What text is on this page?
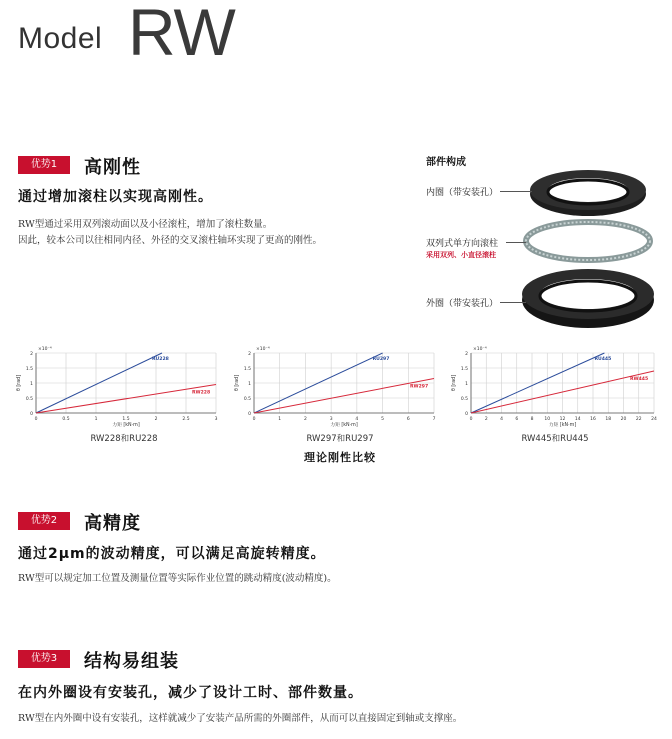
Model RW
优势1	高刚性
通过增加滚柱以实现高刚性。
RW型通过采用双列滚动面以及小径滚柱，增加了滚柱数量。
因此，较本公司以往相同内径、外径的交叉滚柱轴环实现了更高的刚性。
部件构成
内圈（带安装孔）
双列式单方向滚柱
采用双列、小直径滚柱
外圈（带安装孔）
0
0.5
1
1.5
2
0	0.5	1	1.5	2	2.5	3
×10⁻⁴
力矩 [kN·m]
θ [rad]
RU228
RW228
0
0.5
1
1.5
2
0	1	2	3	4	5	6	7
×10⁻⁴
力矩 [kN·m]
θ [rad]
RU297
RW297
0
0.5
1
1.5
2
0	2	4	6	8 10 12 14 16 18 20 22 24
×10⁻⁴
力矩 [kN·m]
θ [rad]
RU445
RW445
RW228和RU228	RW297和RU297	RW445和RU445
理论刚性比较
优势2	高精度
通过2μm的波动精度，可以满足高旋转精度。
RW型可以规定加工位置及测量位置等实际作业位置的跳动精度(波动精度)。
优势3	结构易组装
在内外圈设有安装孔，减少了设计工时、部件数量。
RW型在内外圈中设有安装孔，这样就减少了安装产品所需的外圈部件，从而可以直接固定到轴或支撑座。
